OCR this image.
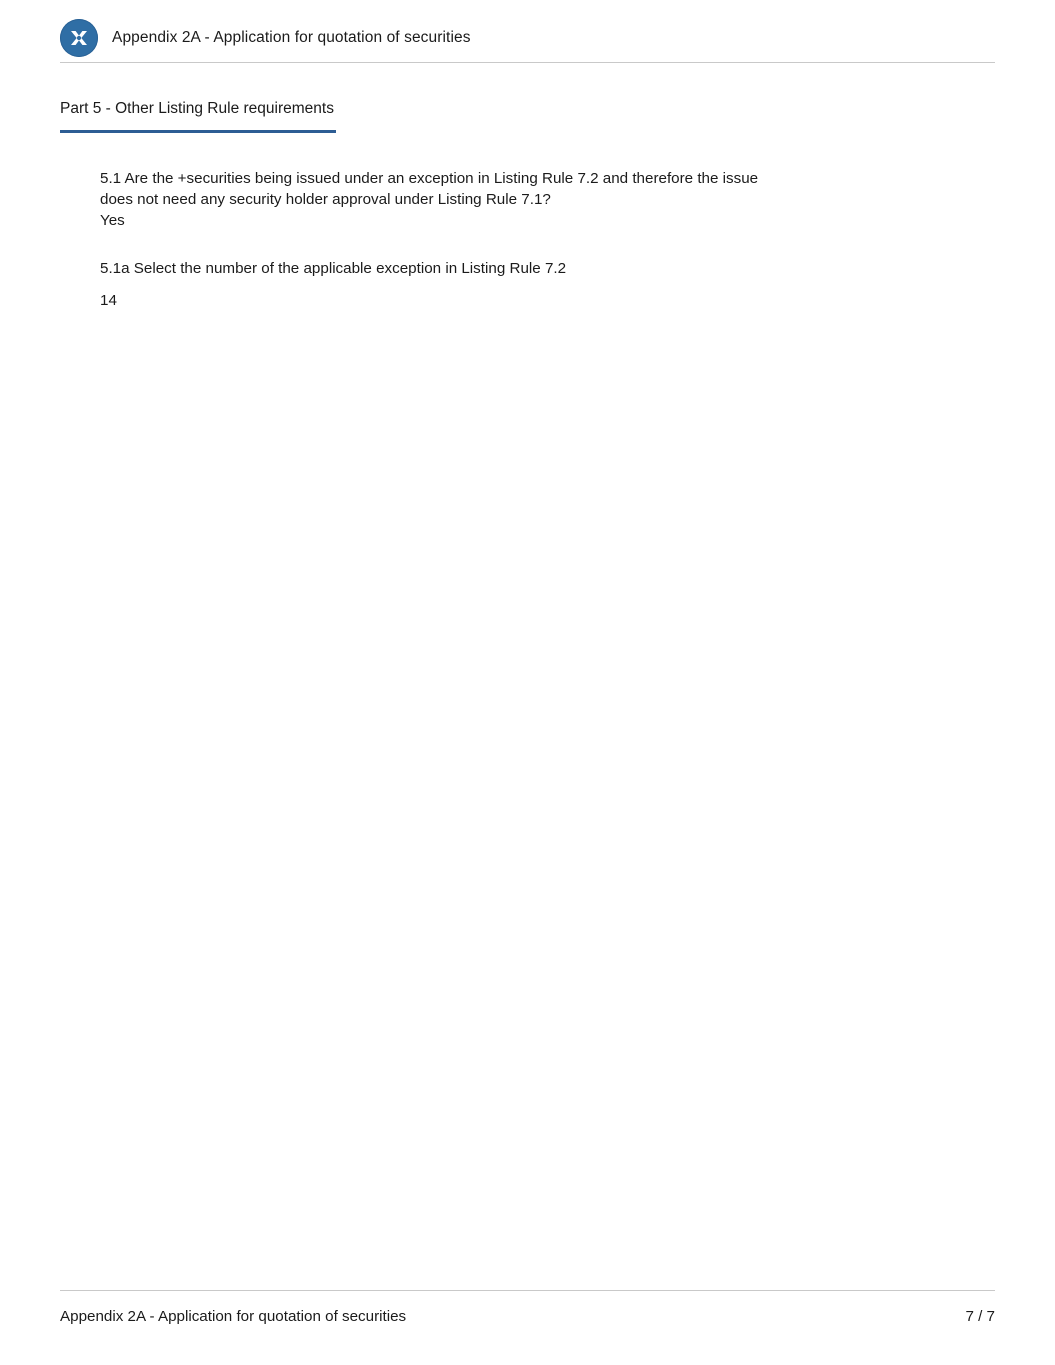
Appendix 2A - Application for quotation of securities
Part 5 - Other Listing Rule requirements
5.1 Are the +securities being issued under an exception in Listing Rule 7.2 and therefore the issue does not need any security holder approval under Listing Rule 7.1?
Yes
5.1a Select the number of the applicable exception in Listing Rule 7.2
14
Appendix 2A - Application for quotation of securities	7 / 7
